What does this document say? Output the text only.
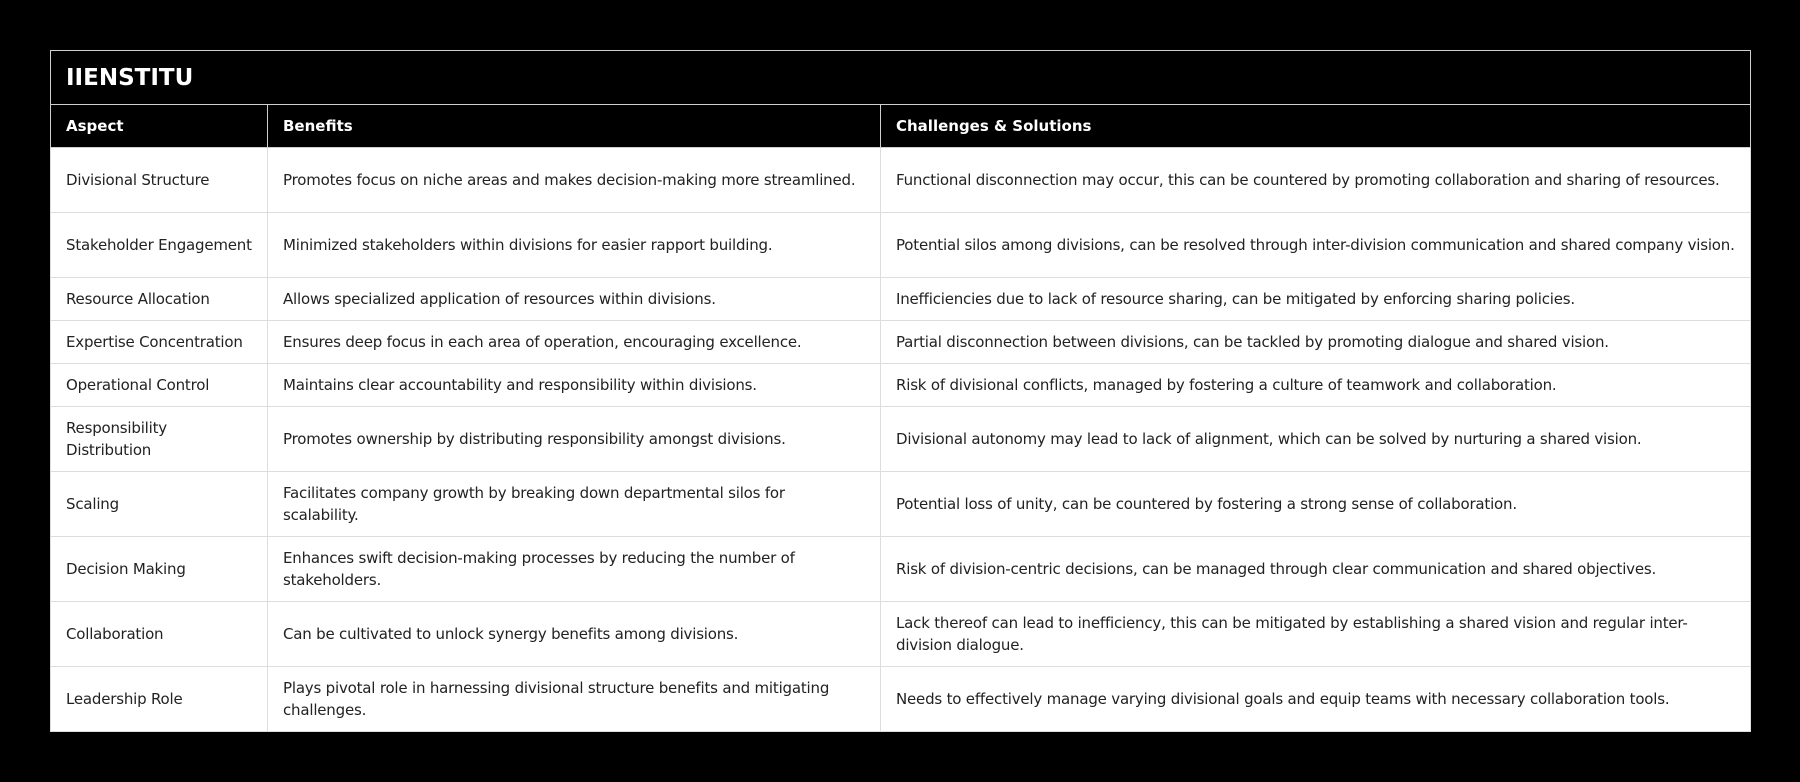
IIENSTITU		
Aspect	Benefits	Challenges & Solutions
Divisional Structure	Promotes focus on niche areas and makes decision-making more streamlined.	Functional disconnection may occur, this can be countered by promoting collaboration and sharing of resources.
Stakeholder Engagement	Minimized stakeholders within divisions for easier rapport building.	Potential silos among divisions, can be resolved through inter-division communication and shared company vision.
Resource Allocation	Allows specialized application of resources within divisions.	Inefficiencies due to lack of resource sharing, can be mitigated by enforcing sharing policies.
Expertise Concentration	Ensures deep focus in each area of operation, encouraging excellence.	Partial disconnection between divisions, can be tackled by promoting dialogue and shared vision.
Operational Control	Maintains clear accountability and responsibility within divisions.	Risk of divisional conflicts, managed by fostering a culture of teamwork and collaboration.
Responsibility Distribution	Promotes ownership by distributing responsibility amongst divisions.	Divisional autonomy may lead to lack of alignment, which can be solved by nurturing a shared vision.
Scaling	Facilitates company growth by breaking down departmental silos for scalability.	Potential loss of unity, can be countered by fostering a strong sense of collaboration.
Decision Making	Enhances swift decision-making processes by reducing the number of stakeholders.	Risk of division-centric decisions, can be managed through clear communication and shared objectives.
Collaboration	Can be cultivated to unlock synergy benefits among divisions.	Lack thereof can lead to inefficiency, this can be mitigated by establishing a shared vision and regular inter-division dialogue.
Leadership Role	Plays pivotal role in harnessing divisional structure benefits and mitigating challenges.	Needs to effectively manage varying divisional goals and equip teams with necessary collaboration tools.
